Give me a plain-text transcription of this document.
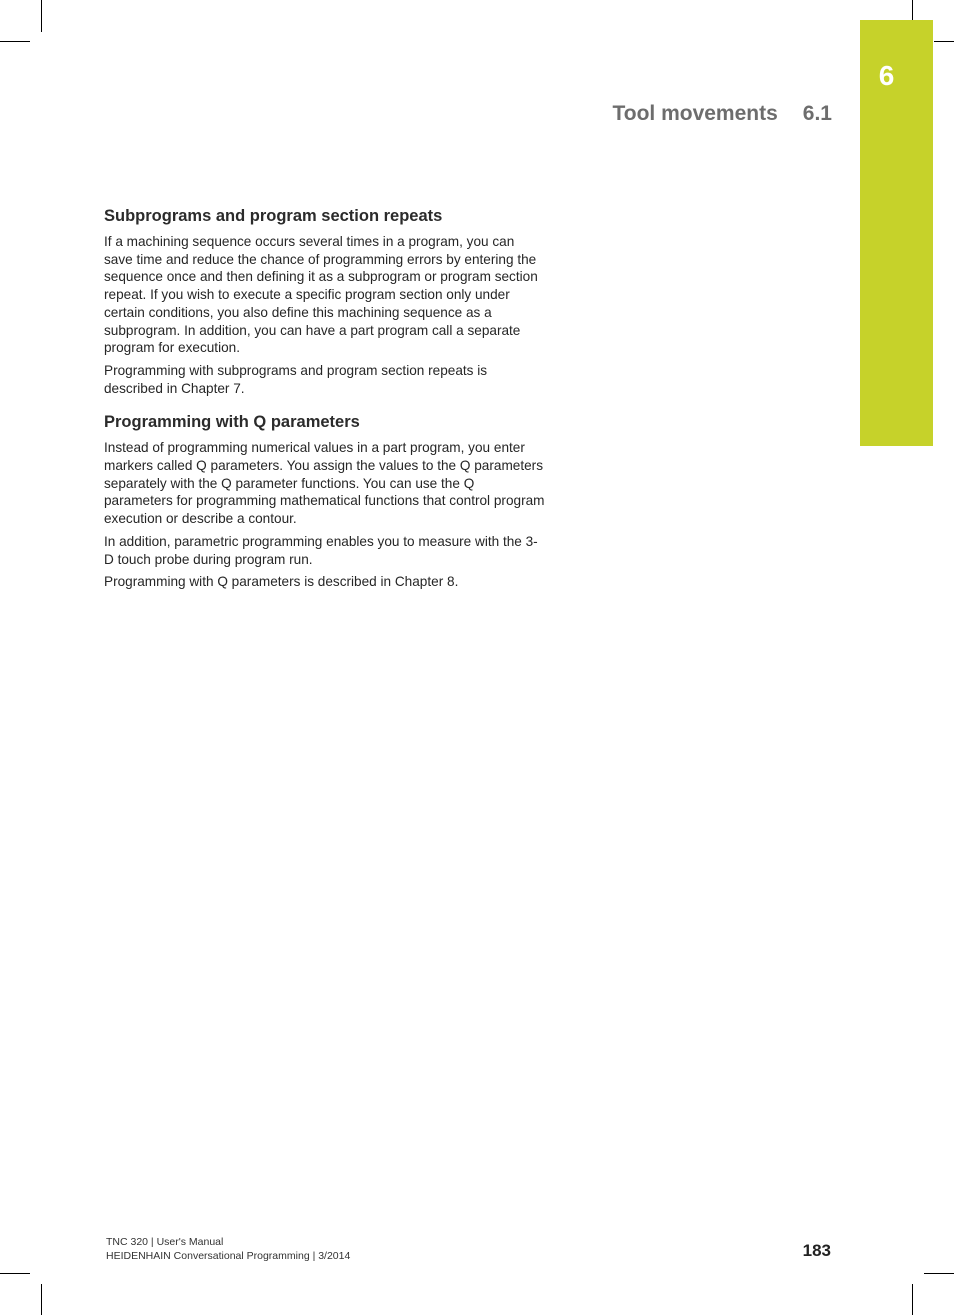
6
Tool movements 6.1
Subprograms and program section repeats

If a machining sequence occurs several times in a program, you can save time and reduce the chance of programming errors by entering the sequence once and then defining it as a subprogram or program section repeat. If you wish to execute a specific program section only under certain conditions, you also define this machining sequence as a subprogram. In addition, you can have a part program call a separate program for execution.

Programming with subprograms and program section repeats is described in Chapter 7.

Programming with Q parameters

Instead of programming numerical values in a part program, you enter markers called Q parameters. You assign the values to the Q parameters separately with the Q parameter functions. You can use the Q parameters for programming mathematical functions that control program execution or describe a contour.

In addition, parametric programming enables you to measure with the 3-D touch probe during program run.

Programming with Q parameters is described in Chapter 8.

TNC 320 | User's Manual
HEIDENHAIN Conversational Programming | 3/2014	183
